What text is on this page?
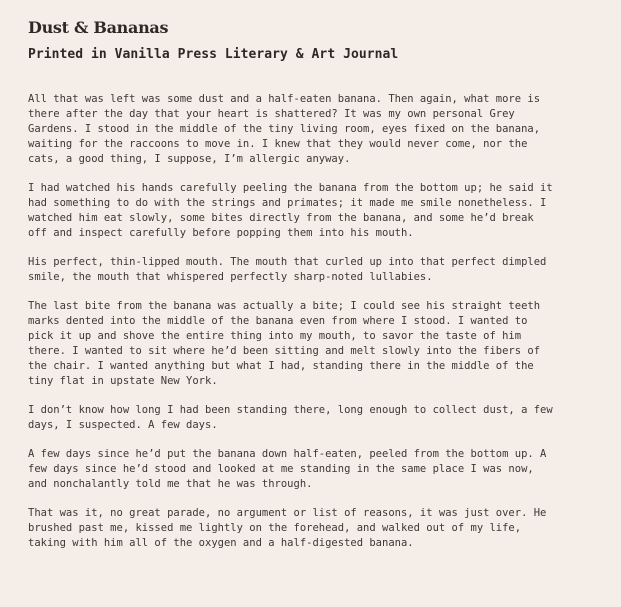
Dust & Bananas
Printed in Vanilla Press Literary & Art Journal

All that was left was some dust and a half-eaten banana. Then again, what more is
there after the day that your heart is shattered? It was my own personal Grey
Gardens. I stood in the middle of the tiny living room, eyes fixed on the banana,
waiting for the raccoons to move in. I knew that they would never come, nor the
cats, a good thing, I suppose, I’m allergic anyway.

I had watched his hands carefully peeling the banana from the bottom up; he said it
had something to do with the strings and primates; it made me smile nonetheless. I
watched him eat slowly, some bites directly from the banana, and some he’d break
off and inspect carefully before popping them into his mouth.

His perfect, thin-lipped mouth. The mouth that curled up into that perfect dimpled
smile, the mouth that whispered perfectly sharp-noted lullabies.

The last bite from the banana was actually a bite; I could see his straight teeth
marks dented into the middle of the banana even from where I stood. I wanted to
pick it up and shove the entire thing into my mouth, to savor the taste of him
there. I wanted to sit where he’d been sitting and melt slowly into the fibers of
the chair. I wanted anything but what I had, standing there in the middle of the
tiny flat in upstate New York.

I don’t know how long I had been standing there, long enough to collect dust, a few
days, I suspected. A few days.

A few days since he’d put the banana down half-eaten, peeled from the bottom up. A
few days since he’d stood and looked at me standing in the same place I was now,
and nonchalantly told me that he was through.

That was it, no great parade, no argument or list of reasons, it was just over. He
brushed past me, kissed me lightly on the forehead, and walked out of my life,
taking with him all of the oxygen and a half-digested banana.
